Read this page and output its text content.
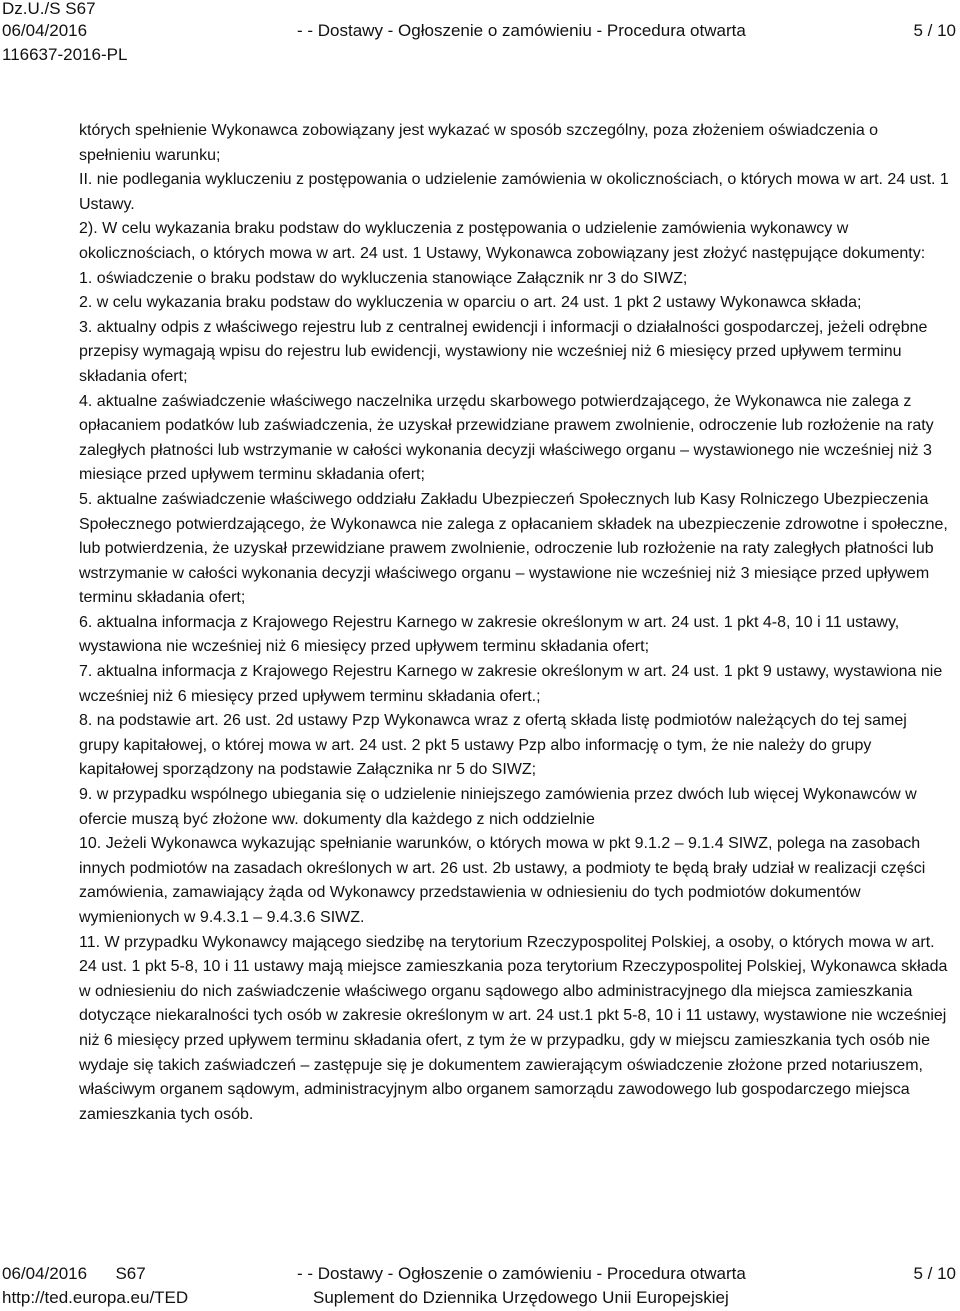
Dz.U./S S67
06/04/2016	- - Dostawy - Ogłoszenie o zamówieniu - Procedura otwarta	5 / 10
116637-2016-PL

których spełnienie Wykonawca zobowiązany jest wykazać w sposób szczególny, poza złożeniem oświadczenia o spełnieniu warunku;

II. nie podlegania wykluczeniu z postępowania o udzielenie zamówienia w okolicznościach, o których mowa w art. 24 ust. 1 Ustawy.

2). W celu wykazania braku podstaw do wykluczenia z postępowania o udzielenie zamówienia wykonawcy w okolicznościach, o których mowa w art. 24 ust. 1 Ustawy, Wykonawca zobowiązany jest złożyć następujące dokumenty:

1. oświadczenie o braku podstaw do wykluczenia stanowiące Załącznik nr 3 do SIWZ;

2. w celu wykazania braku podstaw do wykluczenia w oparciu o art. 24 ust. 1 pkt 2 ustawy Wykonawca składa;

3. aktualny odpis z właściwego rejestru lub z centralnej ewidencji i informacji o działalności gospodarczej, jeżeli odrębne przepisy wymagają wpisu do rejestru lub ewidencji, wystawiony nie wcześniej niż 6 miesięcy przed upływem terminu składania ofert;

4. aktualne zaświadczenie właściwego naczelnika urzędu skarbowego potwierdzającego, że Wykonawca nie zalega z opłacaniem podatków lub zaświadczenia, że uzyskał przewidziane prawem zwolnienie, odroczenie lub rozłożenie na raty zaległych płatności lub wstrzymanie w całości wykonania decyzji właściwego organu – wystawionego nie wcześniej niż 3 miesiące przed upływem terminu składania ofert;

5. aktualne zaświadczenie właściwego oddziału Zakładu Ubezpieczeń Społecznych lub Kasy Rolniczego Ubezpieczenia Społecznego potwierdzającego, że Wykonawca nie zalega z opłacaniem składek na ubezpieczenie zdrowotne i społeczne, lub potwierdzenia, że uzyskał przewidziane prawem zwolnienie, odroczenie lub rozłożenie na raty zaległych płatności lub wstrzymanie w całości wykonania decyzji właściwego organu – wystawione nie wcześniej niż 3 miesiące przed upływem terminu składania ofert;

6. aktualna informacja z Krajowego Rejestru Karnego w zakresie określonym w art. 24 ust. 1 pkt 4-8, 10 i 11 ustawy, wystawiona nie wcześniej niż 6 miesięcy przed upływem terminu składania ofert;

7. aktualna informacja z Krajowego Rejestru Karnego w zakresie określonym w art. 24 ust. 1 pkt 9 ustawy, wystawiona nie wcześniej niż 6 miesięcy przed upływem terminu składania ofert.;

8. na podstawie art. 26 ust. 2d ustawy Pzp Wykonawca wraz z ofertą składa listę podmiotów należących do tej samej grupy kapitałowej, o której mowa w art. 24 ust. 2 pkt 5 ustawy Pzp albo informację o tym, że nie należy do grupy kapitałowej sporządzony na podstawie Załącznika nr 5 do SIWZ;

9. w przypadku wspólnego ubiegania się o udzielenie niniejszego zamówienia przez dwóch lub więcej Wykonawców w ofercie muszą być złożone ww. dokumenty dla każdego z nich oddzielnie

10. Jeżeli Wykonawca wykazując spełnianie warunków, o których mowa w pkt 9.1.2 – 9.1.4 SIWZ, polega na zasobach innych podmiotów na zasadach określonych w art. 26 ust. 2b ustawy, a podmioty te będą brały udział w realizacji części zamówienia, zamawiający żąda od Wykonawcy przedstawienia w odniesieniu do tych podmiotów dokumentów wymienionych w 9.4.3.1 – 9.4.3.6 SIWZ.

11. W przypadku Wykonawcy mającego siedzibę na terytorium Rzeczypospolitej Polskiej, a osoby, o których mowa w art. 24 ust. 1 pkt 5-8, 10 i 11 ustawy mają miejsce zamieszkania poza terytorium Rzeczypospolitej Polskiej, Wykonawca składa w odniesieniu do nich zaświadczenie właściwego organu sądowego albo administracyjnego dla miejsca zamieszkania dotyczące niekaralności tych osób w zakresie określonym w art. 24 ust.1 pkt 5-8, 10 i 11 ustawy, wystawione nie wcześniej niż 6 miesięcy przed upływem terminu składania ofert, z tym że w przypadku, gdy w miejscu zamieszkania tych osób nie wydaje się takich zaświadczeń – zastępuje się je dokumentem zawierającym oświadczenie złożone przed notariuszem, właściwym organem sądowym, administracyjnym albo organem samorządu zawodowego lub gospodarczego miejsca zamieszkania tych osób.

06/04/2016 S67	- - Dostawy - Ogłoszenie o zamówieniu - Procedura otwarta	5 / 10
http://ted.europa.eu/TED	Suplement do Dziennika Urzędowego Unii Europejskiej
